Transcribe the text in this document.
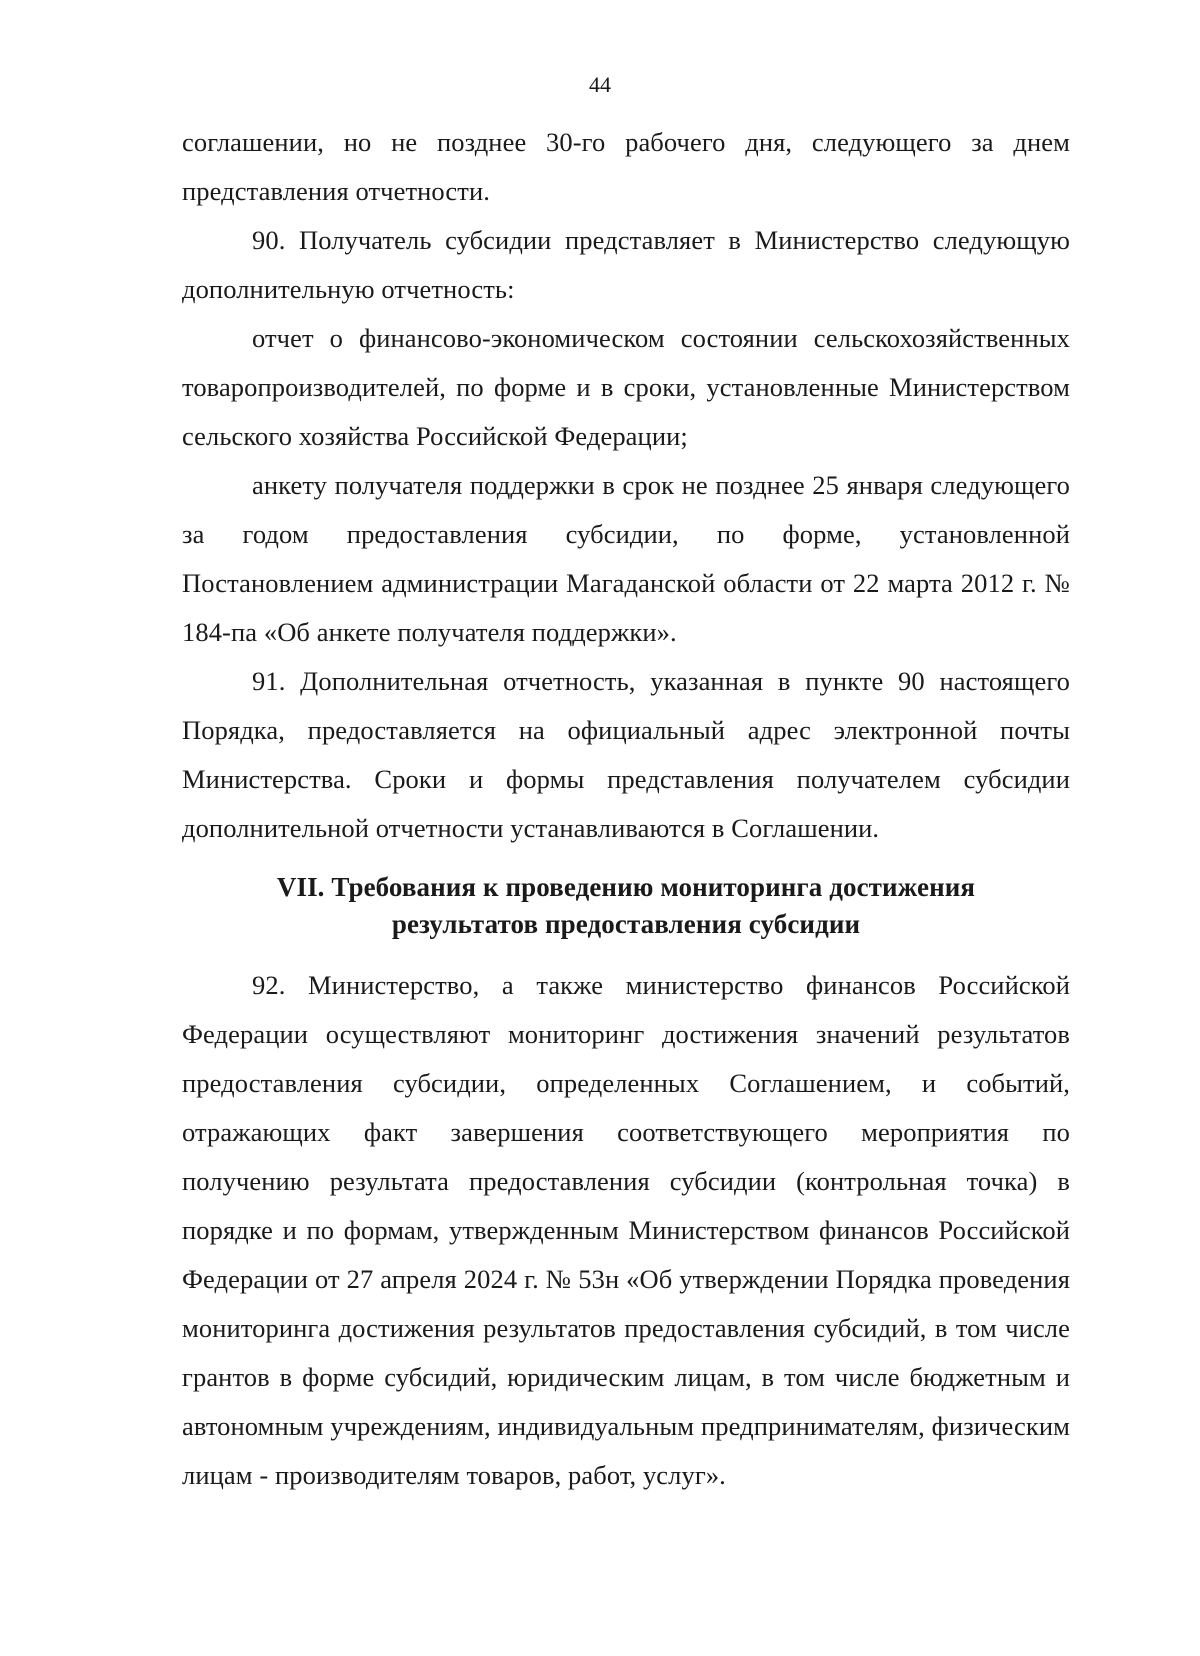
44

соглашении, но не позднее 30-го рабочего дня, следующего за днем представления отчетности.

90. Получатель субсидии представляет в Министерство следующую дополнительную отчетность:

отчет о финансово-экономическом состоянии сельскохозяйственных товаропроизводителей, по форме и в сроки, установленные Министерством сельского хозяйства Российской Федерации;

анкету получателя поддержки в срок не позднее 25 января следующего за годом предоставления субсидии, по форме, установленной Постановлением администрации Магаданской области от 22 марта 2012 г. № 184-па «Об анкете получателя поддержки».

91. Дополнительная отчетность, указанная в пункте 90 настоящего Порядка, предоставляется на официальный адрес электронной почты Министерства. Сроки и формы представления получателем субсидии дополнительной отчетности устанавливаются в Соглашении.

VII. Требования к проведению мониторинга достижения
результатов предоставления субсидии

92. Министерство, а также министерство финансов Российской Федерации осуществляют мониторинг достижения значений результатов предоставления субсидии, определенных Соглашением, и событий, отражающих факт завершения соответствующего мероприятия по получению результата предоставления субсидии (контрольная точка) в порядке и по формам, утвержденным Министерством финансов Российской Федерации от 27 апреля 2024 г. № 53н «Об утверждении Порядка проведения мониторинга достижения результатов предоставления субсидий, в том числе грантов в форме субсидий, юридическим лицам, в том числе бюджетным и автономным учреждениям, индивидуальным предпринимателям, физическим лицам - производителям товаров, работ, услуг».
